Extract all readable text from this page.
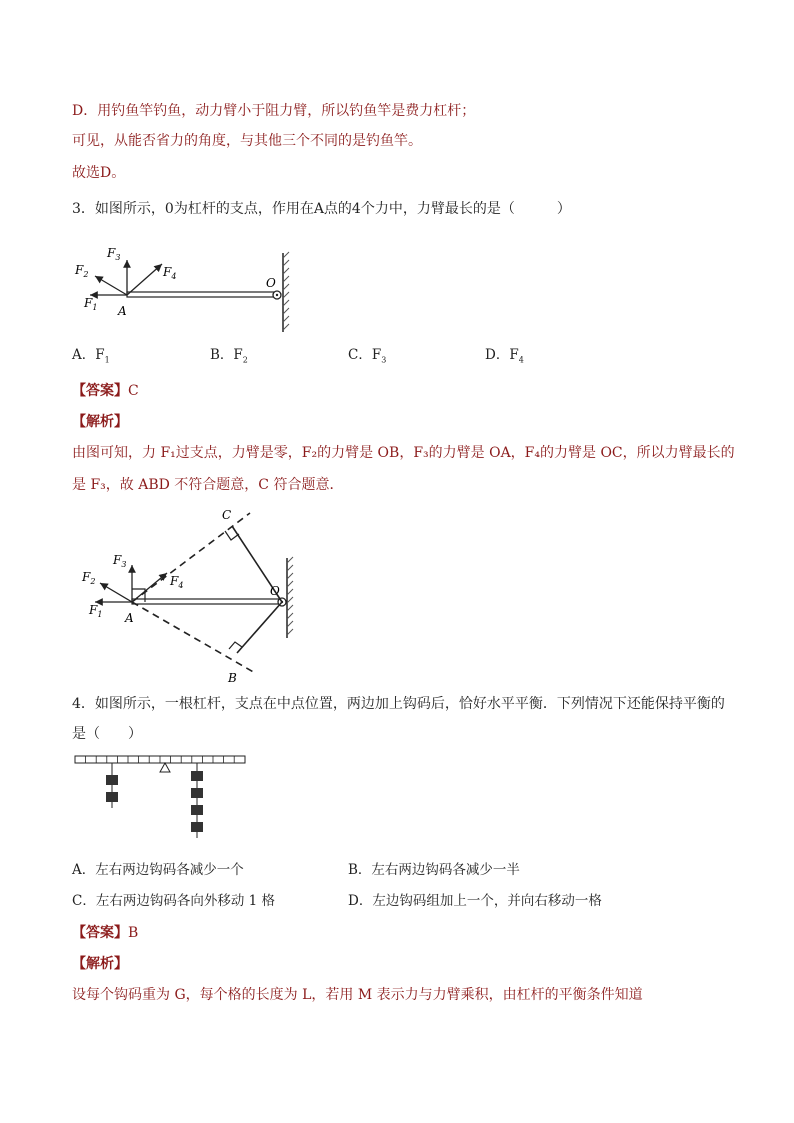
D．用钓鱼竿钓鱼，动力臂小于阻力臂，所以钓鱼竿是费力杠杆；
可见，从能否省力的角度，与其他三个不同的是钓鱼竿。
故选D。
3．如图所示，0为杠杆的支点，作用在A点的4个力中，力臂最长的是（　　　）
$F_3$
$F_2$	$F_4$
$F_1$ A
O
A．$F_1$	B．$F_2$	C．$F_3$	D．$F_4$
【答案】C
【解析】
由图可知，力 F₁过支点，力臂是零，F₂的力臂是 OB，F₃的力臂是 OA，F₄的力臂是 OC，所以力臂最长的
是 F₃，故 ABD 不符合题意，C 符合题意．
C
B
A
O
$F_3$
$F_2$	$F_4$
$F_1$
4．如图所示，一根杠杆，支点在中点位置，两边加上钩码后，恰好水平平衡．下列情况下还能保持平衡的
是（　　）
A．左右两边钩码各减少一个	B．左右两边钩码各减少一半
C．左右两边钩码各向外移动 1 格	D．左边钩码组加上一个，并向右移动一格
【答案】B
【解析】
设每个钩码重为 G，每个格的长度为 L，若用 M 表示力与力臂乘积，由杠杆的平衡条件知道
